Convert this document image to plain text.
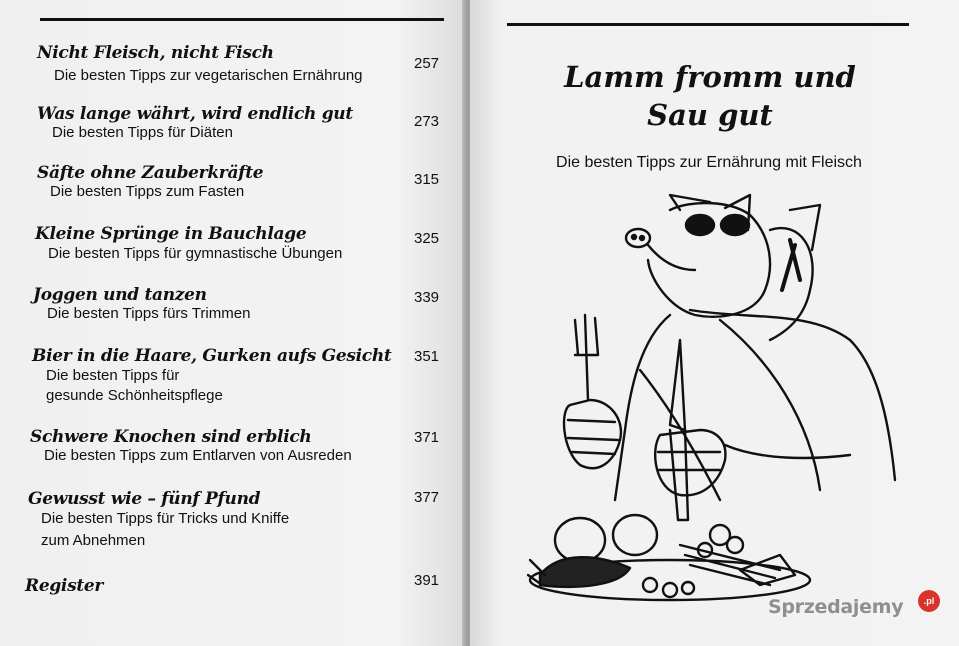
Nicht Fleisch, nicht Fisch
Die besten Tipps zur vegetarischen Ernährung
257
Was lange währt, wird endlich gut
Die besten Tipps für Diäten
273
Säfte ohne Zauberkräfte
Die besten Tipps zum Fasten
315
Kleine Sprünge in Bauchlage
Die besten Tipps für gymnastische Übungen
325
Joggen und tanzen
Die besten Tipps fürs Trimmen
339
Bier in die Haare, Gurken aufs Gesicht
Die besten Tipps für
gesunde Schönheitspflege
351
Schwere Knochen sind erblich
Die besten Tipps zum Entlarven von Ausreden
371
Gewusst wie – fünf Pfund
Die besten Tipps für Tricks und Kniffe
zum Abnehmen
377
Register	391
Lamm fromm und
Sau gut
Die besten Tipps zur Ernährung mit Fleisch
Sprzedajemy	.pl
